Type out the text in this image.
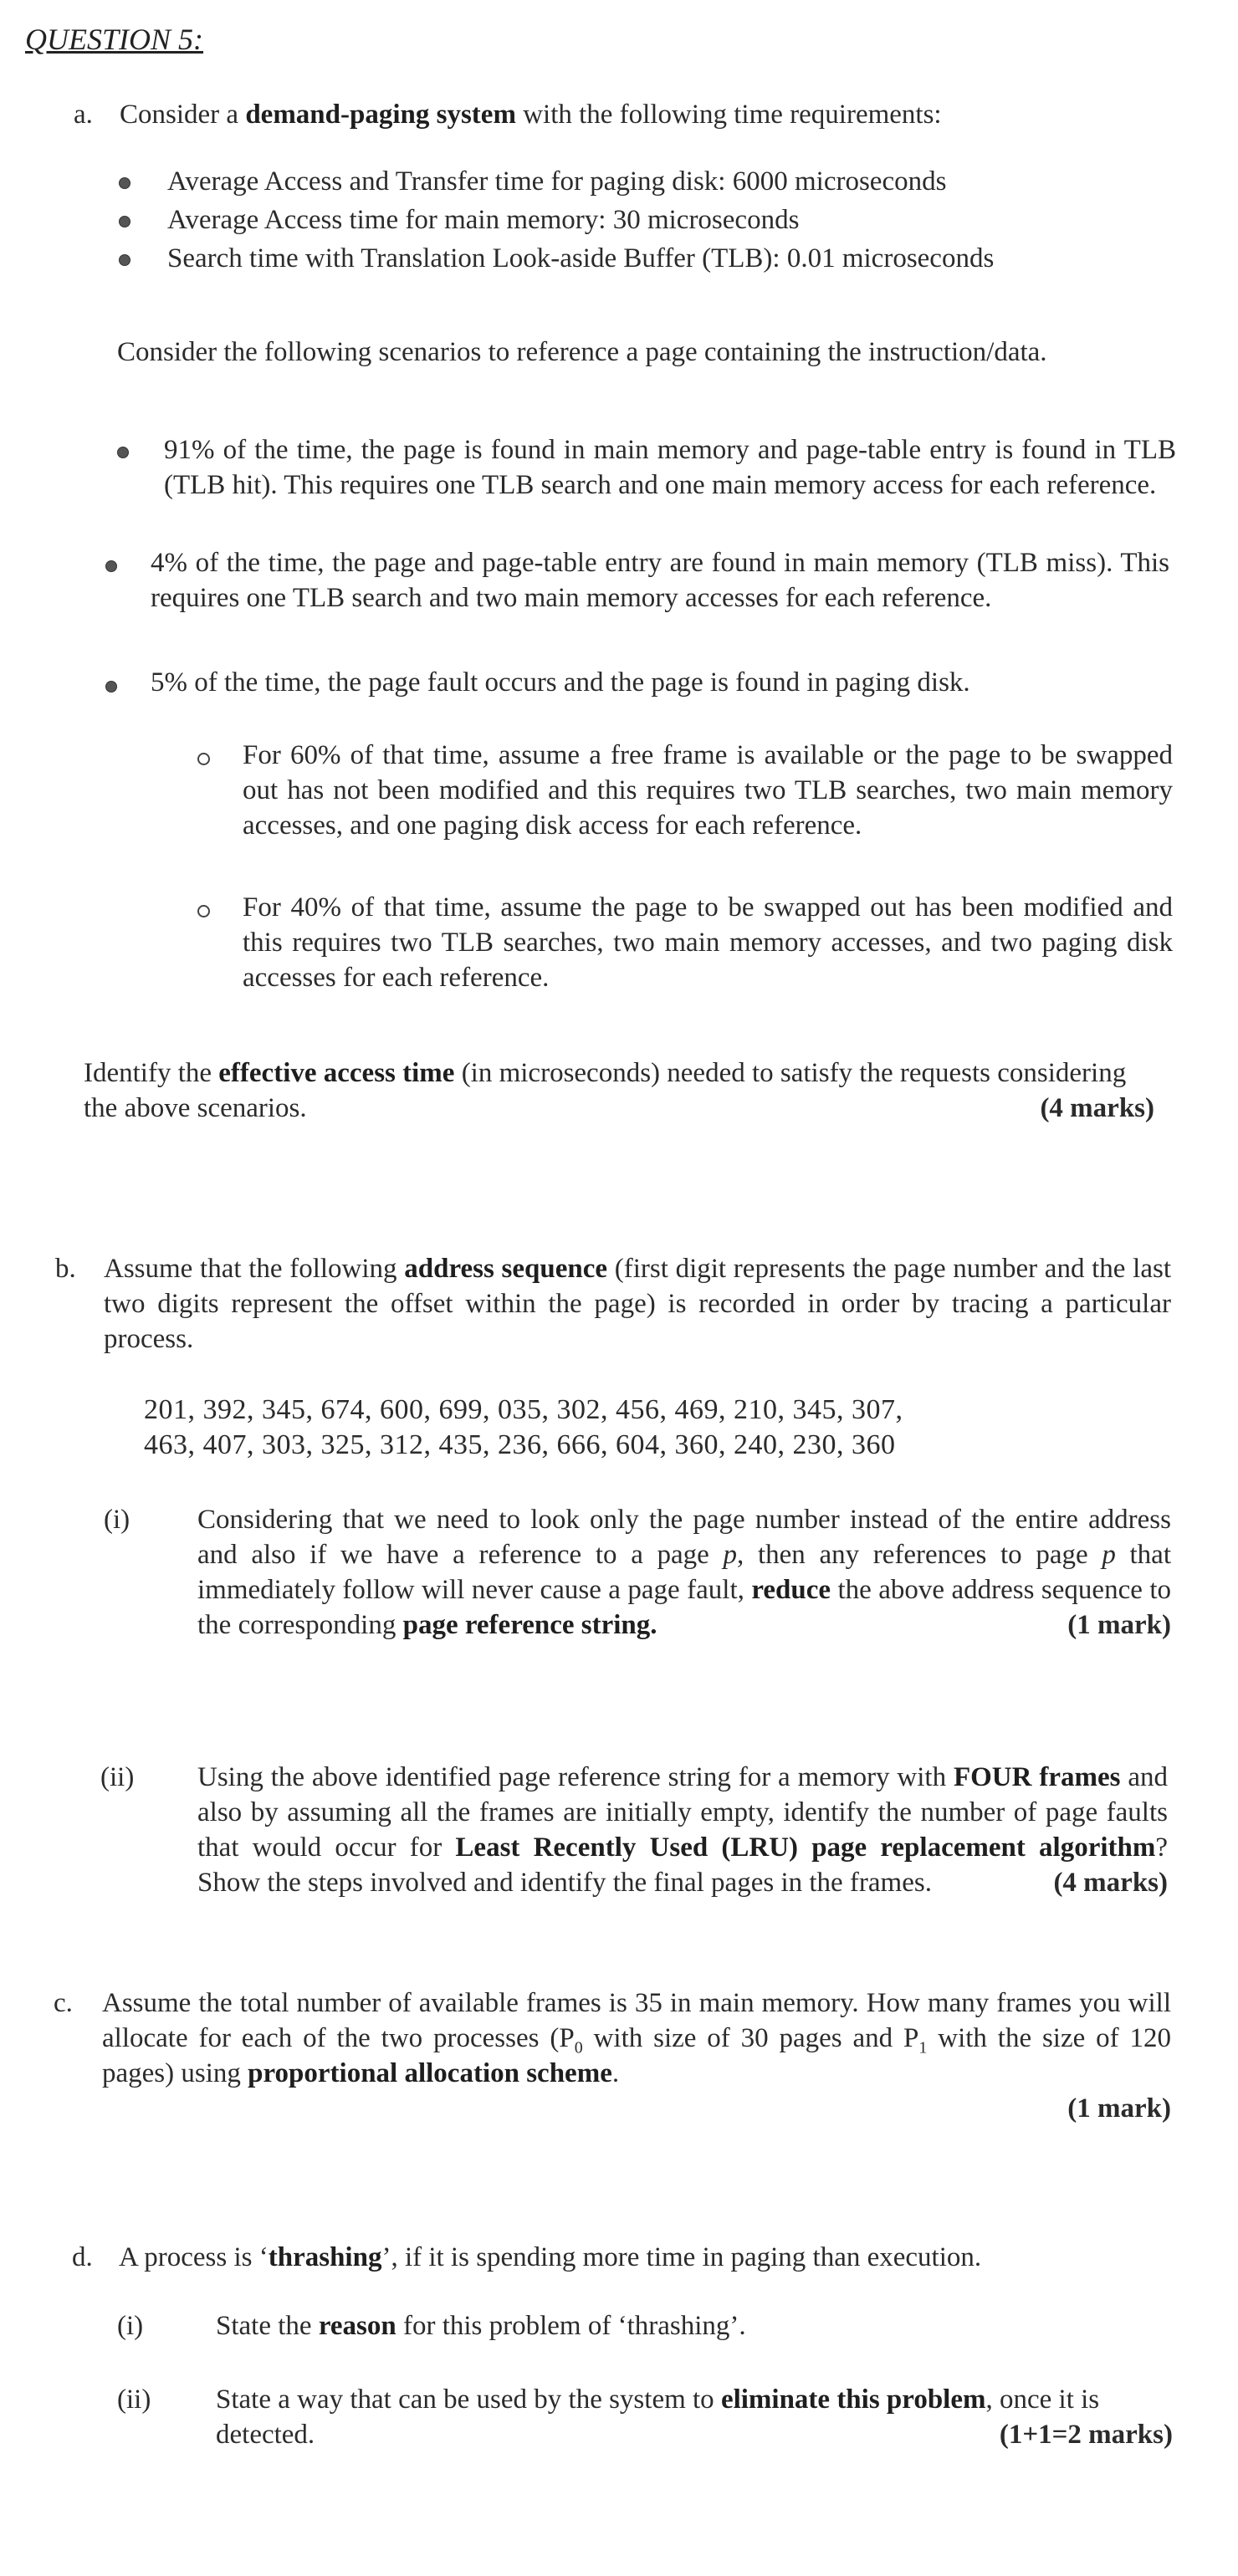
QUESTION 5:
a. Consider a demand-paging system with the following time requirements:
Average Access and Transfer time for paging disk: 6000 microseconds
Average Access time for main memory: 30 microseconds
Search time with Translation Look-aside Buffer (TLB): 0.01 microseconds
Consider the following scenarios to reference a page containing the instruction/data.
91% of the time, the page is found in main memory and page-table entry is found in TLB (TLB hit). This requires one TLB search and one main memory access for each reference.
4% of the time, the page and page-table entry are found in main memory (TLB miss). This requires one TLB search and two main memory accesses for each reference.
5% of the time, the page fault occurs and the page is found in paging disk.
For 60% of that time, assume a free frame is available or the page to be swapped out has not been modified and this requires two TLB searches, two main memory accesses, and one paging disk access for each reference.
For 40% of that time, assume the page to be swapped out has been modified and this requires two TLB searches, two main memory accesses, and two paging disk accesses for each reference.
Identify the effective access time (in microseconds) needed to satisfy the requests considering the above scenarios.	(4 marks)
b. Assume that the following address sequence (first digit represents the page number and the last two digits represent the offset within the page) is recorded in order by tracing a particular process.
201, 392, 345, 674, 600, 699, 035, 302, 456, 469, 210, 345, 307,
463, 407, 303, 325, 312, 435, 236, 666, 604, 360, 240, 230, 360
(i) Considering that we need to look only the page number instead of the entire address and also if we have a reference to a page p, then any references to page p that immediately follow will never cause a page fault, reduce the above address sequence to the corresponding page reference string.	(1 mark)
(ii) Using the above identified page reference string for a memory with FOUR frames and also by assuming all the frames are initially empty, identify the number of page faults that would occur for Least Recently Used (LRU) page replacement algorithm? Show the steps involved and identify the final pages in the frames.	(4 marks)
c. Assume the total number of available frames is 35 in main memory. How many frames you will allocate for each of the two processes ($P_0$ with size of 30 pages and $P_1$ with the size of 120 pages) using proportional allocation scheme.
(1 mark)
d. A process is ‘thrashing’, if it is spending more time in paging than execution.
(i)	State the reason for this problem of ‘thrashing’.
(ii) State a way that can be used by the system to eliminate this problem, once it is detected.	(1+1=2 marks)
